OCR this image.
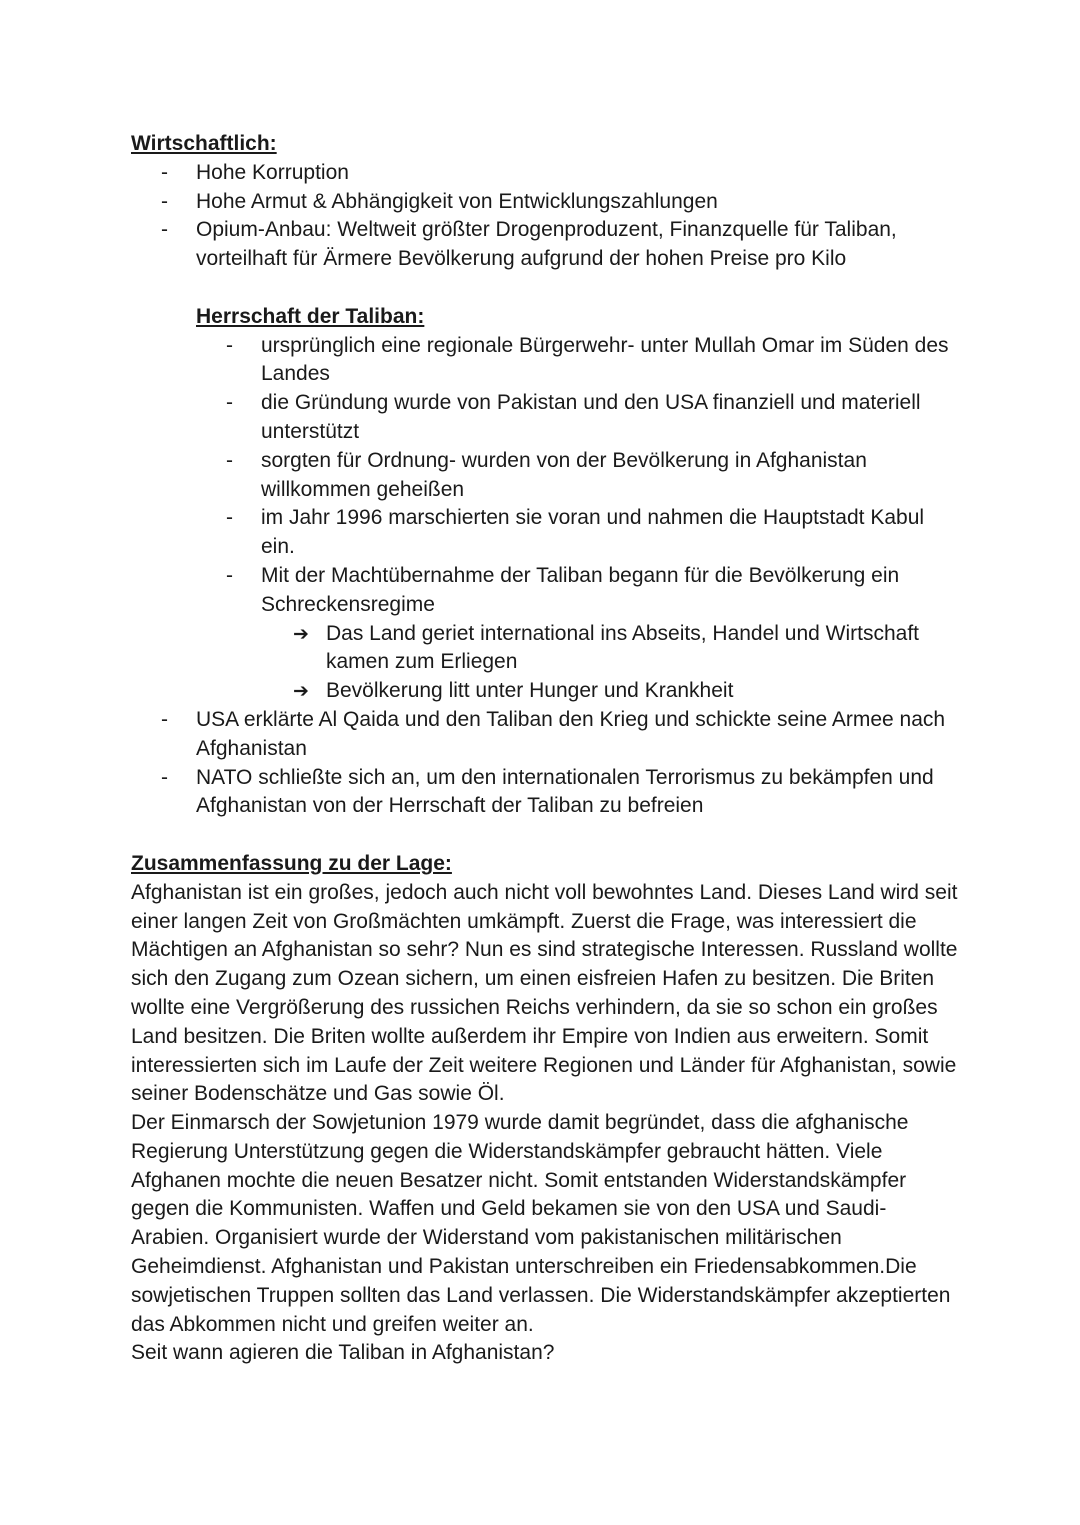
Wirtschaftlich:
- Hohe Korruption
- Hohe Armut & Abhängigkeit von Entwicklungszahlungen
- Opium-Anbau: Weltweit größter Drogenproduzent, Finanzquelle für Taliban, vorteilhaft für Ärmere Bevölkerung aufgrund der hohen Preise pro Kilo
Herrschaft der Taliban:
- ursprünglich eine regionale Bürgerwehr- unter Mullah Omar im Süden des Landes
- die Gründung wurde von Pakistan und den USA finanziell und materiell unterstützt
- sorgten für Ordnung- wurden von der Bevölkerung in Afghanistan willkommen geheißen
- im Jahr 1996 marschierten sie voran und nahmen die Hauptstadt Kabul ein.
- Mit der Machtübernahme der Taliban begann für die Bevölkerung ein Schreckensregime
➔ Das Land geriet international ins Abseits, Handel und Wirtschaft kamen zum Erliegen
➔ Bevölkerung litt unter Hunger und Krankheit
- USA erklärte Al Qaida und den Taliban den Krieg und schickte seine Armee nach Afghanistan
- NATO schließte sich an, um den internationalen Terrorismus zu bekämpfen und Afghanistan von der Herrschaft der Taliban zu befreien
Zusammenfassung zu der Lage:

Afghanistan ist ein großes, jedoch auch nicht voll bewohntes Land. Dieses Land wird seit einer langen Zeit von Großmächten umkämpft. Zuerst die Frage, was interessiert die Mächtigen an Afghanistan so sehr? Nun es sind strategische Interessen. Russland wollte sich den Zugang zum Ozean sichern, um einen eisfreien Hafen zu besitzen. Die Briten wollte eine Vergrößerung des russichen Reichs verhindern, da sie so schon ein großes Land besitzen. Die Briten wollte außerdem ihr Empire von Indien aus erweitern. Somit interessierten sich im Laufe der Zeit weitere Regionen und Länder für Afghanistan, sowie seiner Bodenschätze und Gas sowie Öl.

Der Einmarsch der Sowjetunion 1979 wurde damit begründet, dass die afghanische Regierung Unterstützung gegen die Widerstandskämpfer gebraucht hätten. Viele Afghanen mochte die neuen Besatzer nicht. Somit entstanden Widerstandskämpfer gegen die Kommunisten. Waffen und Geld bekamen sie von den USA und Saudi-Arabien. Organisiert wurde der Widerstand vom pakistanischen militärischen Geheimdienst. Afghanistan und Pakistan unterschreiben ein Friedensabkommen.Die sowjetischen Truppen sollten das Land verlassen. Die Widerstandskämpfer akzeptierten das Abkommen nicht und greifen weiter an.

Seit wann agieren die Taliban in Afghanistan?
